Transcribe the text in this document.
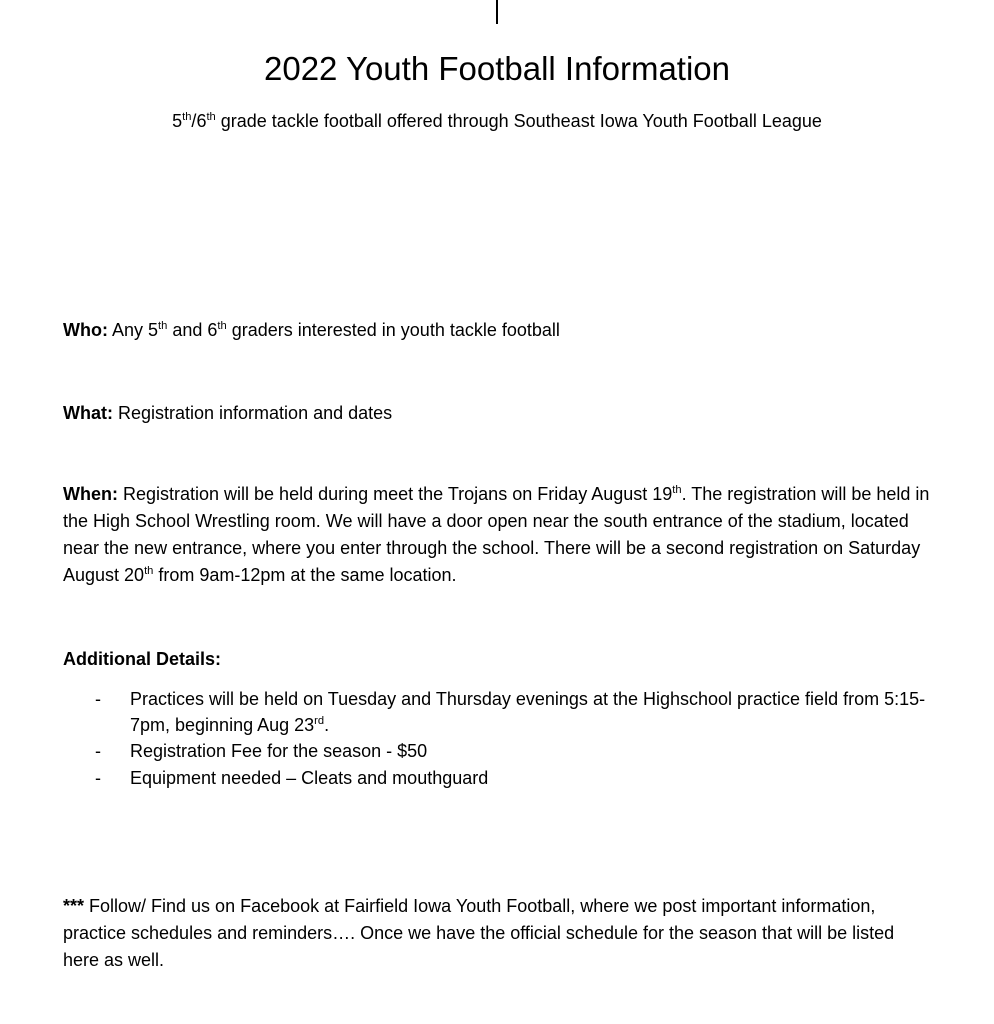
2022 Youth Football Information
5th/6th grade tackle football offered through Southeast Iowa Youth Football League
Who: Any 5th and 6th graders interested in youth tackle football
What: Registration information and dates
When: Registration will be held during meet the Trojans on Friday August 19th. The registration will be held in the High School Wrestling room. We will have a door open near the south entrance of the stadium, located near the new entrance, where you enter through the school. There will be a second registration on Saturday August 20th from 9am-12pm at the same location.
Additional Details:
- Practices will be held on Tuesday and Thursday evenings at the Highschool practice field from 5:15-7pm, beginning Aug 23rd.
- Registration Fee for the season - $50
- Equipment needed – Cleats and mouthguard
*** Follow/ Find us on Facebook at Fairfield Iowa Youth Football, where we post important information, practice schedules and reminders…. Once we have the official schedule for the season that will be listed here as well.
